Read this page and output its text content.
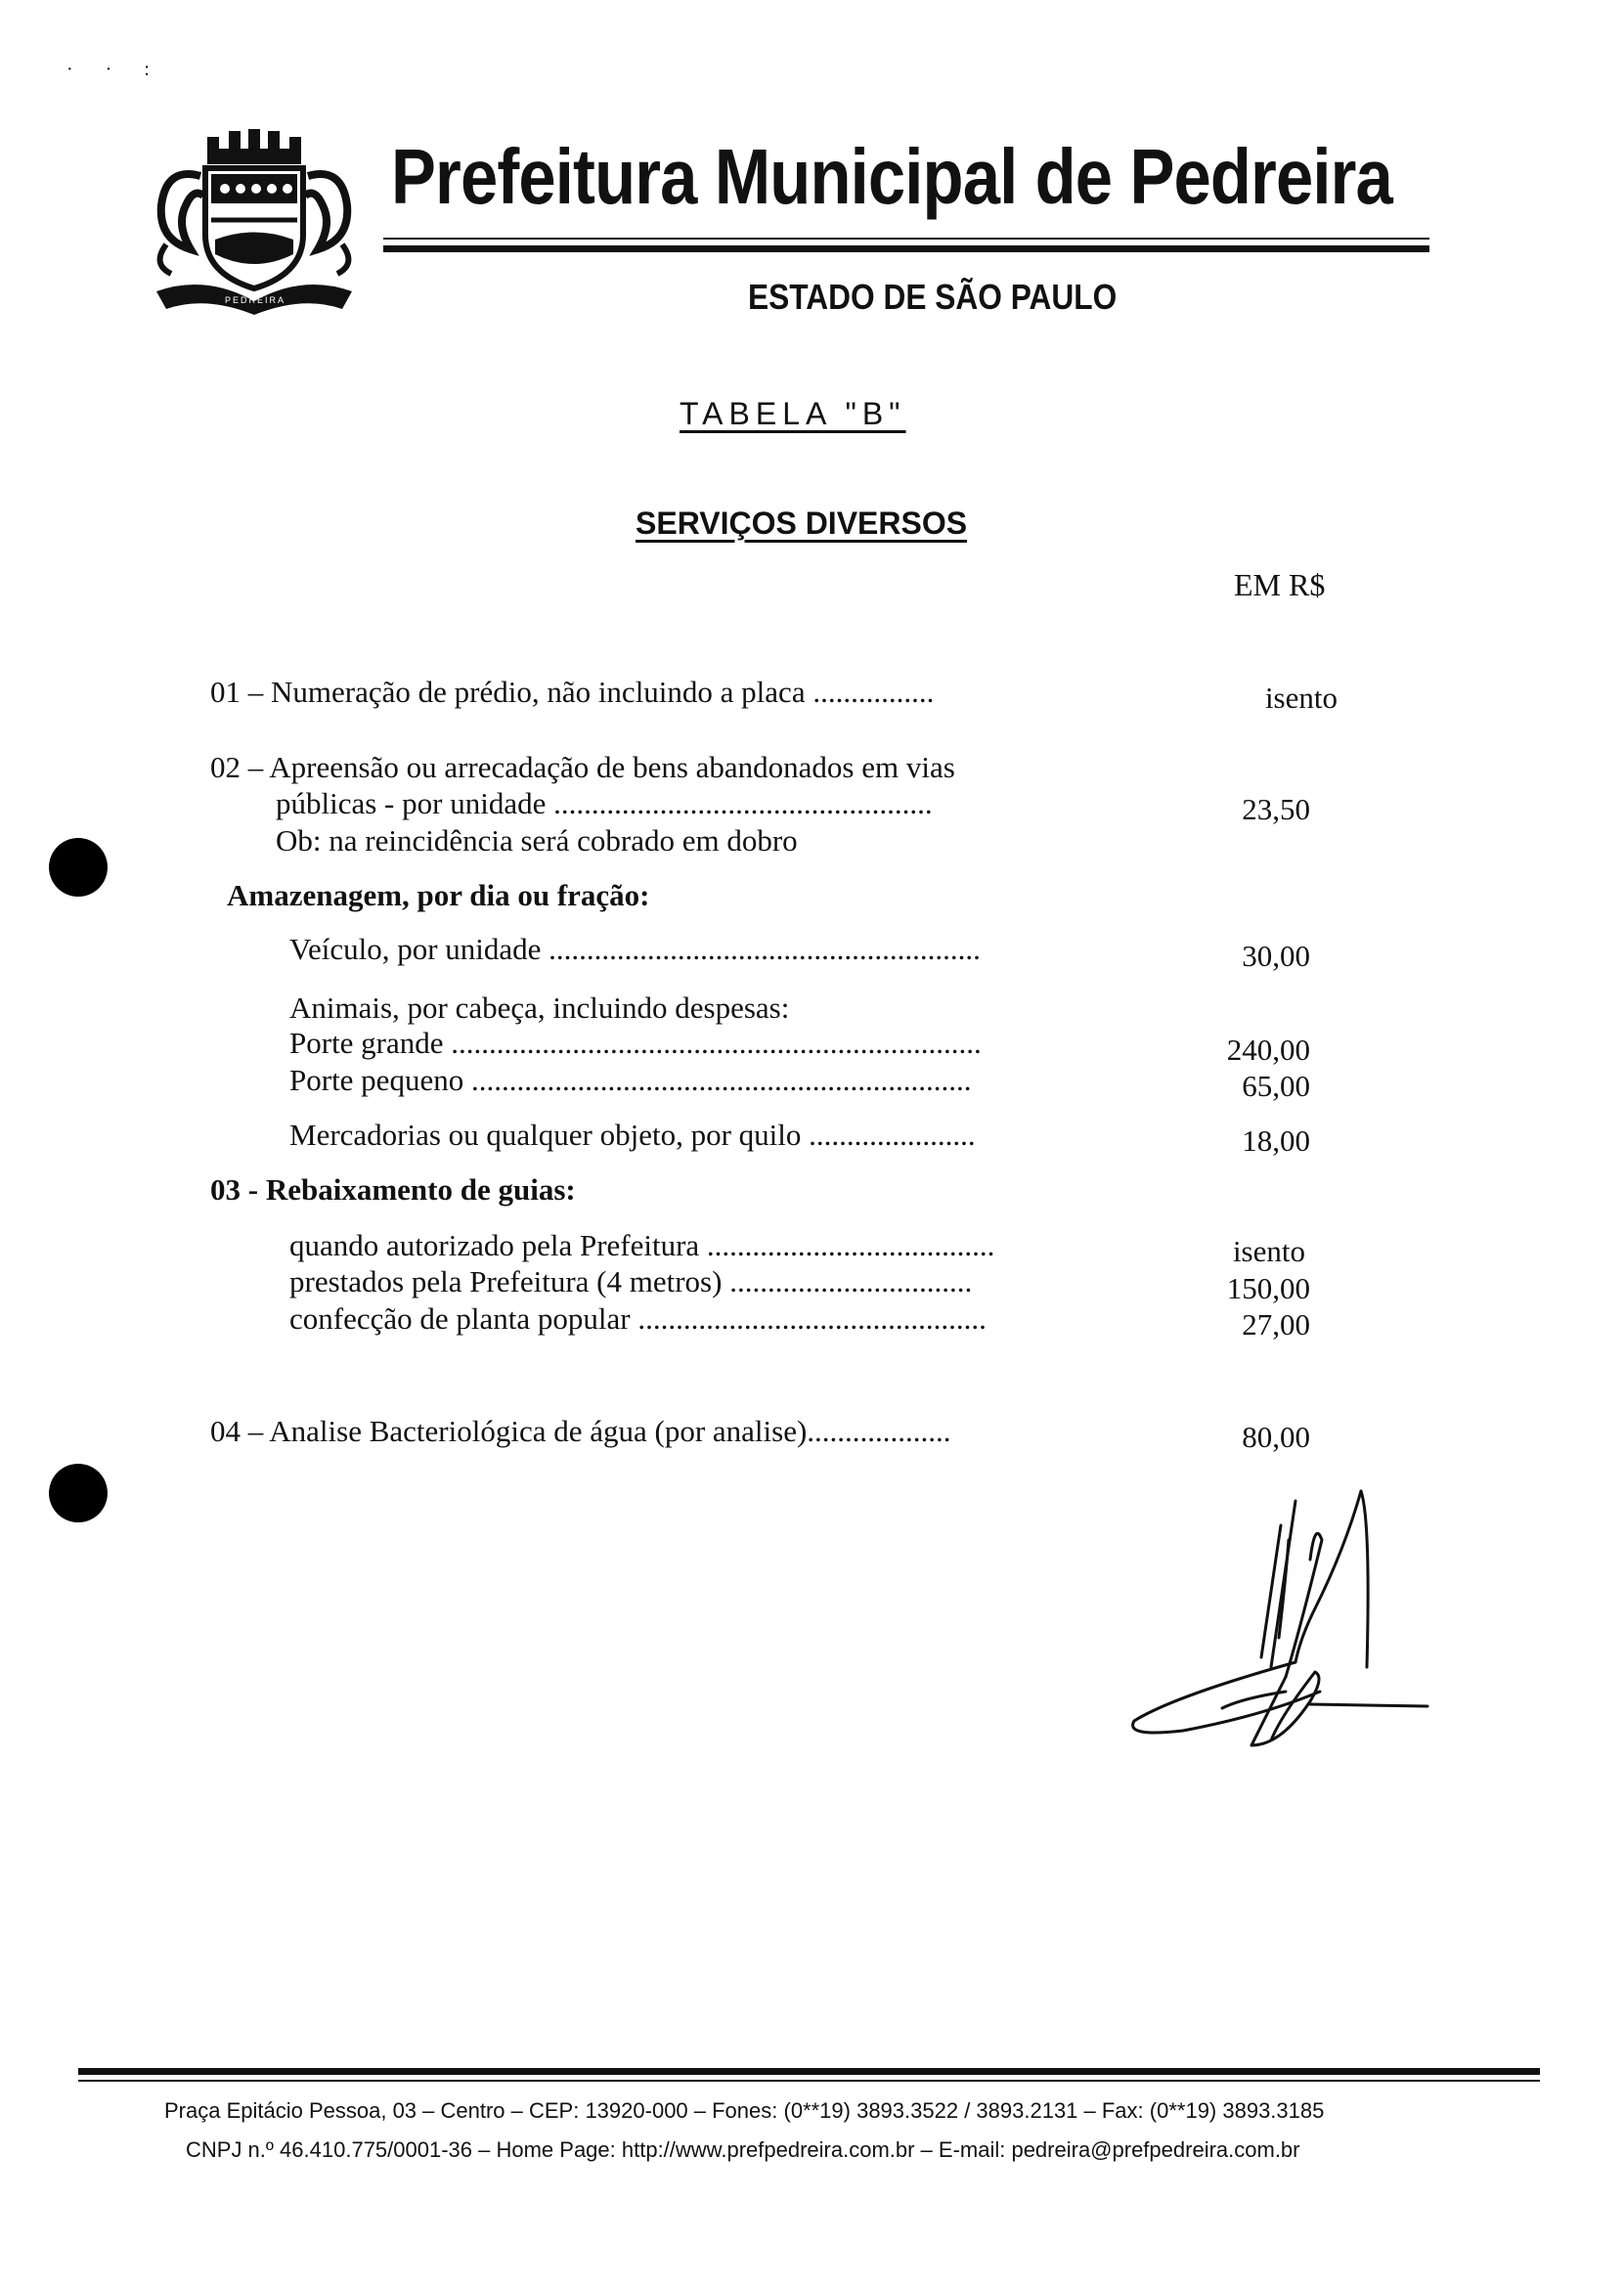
· · :
PEDREIRA
Prefeitura Municipal de Pedreira
ESTADO DE SÃO PAULO
TABELA "B"
SERVIÇOS DIVERSOS
EM R$
01 – Numeração de prédio, não incluindo a placa ................	isento
02 – Apreensão ou arrecadação de bens abandonados em vias
públicas - por unidade ..................................................	23,50
Ob: na reincidência será cobrado em dobro
Amazenagem, por dia ou fração:
Veículo, por unidade .........................................................	30,00
Animais, por cabeça, incluindo despesas:
Porte grande ......................................................................	240,00
Porte pequeno ..................................................................	65,00
Mercadorias ou qualquer objeto, por quilo ......................	18,00
03 - Rebaixamento de guias:
quando autorizado pela Prefeitura ......................................	isento
prestados pela Prefeitura (4 metros) ................................	150,00
confecção de planta popular ..............................................	27,00
04 – Analise Bacteriológica de água (por analise)...................	80,00
Praça Epitácio Pessoa, 03 – Centro – CEP: 13920-000 – Fones: (0**19) 3893.3522 / 3893.2131 – Fax: (0**19) 3893.3185
CNPJ n.º 46.410.775/0001-36 – Home Page: http://www.prefpedreira.com.br – E-mail: pedreira@prefpedreira.com.br
